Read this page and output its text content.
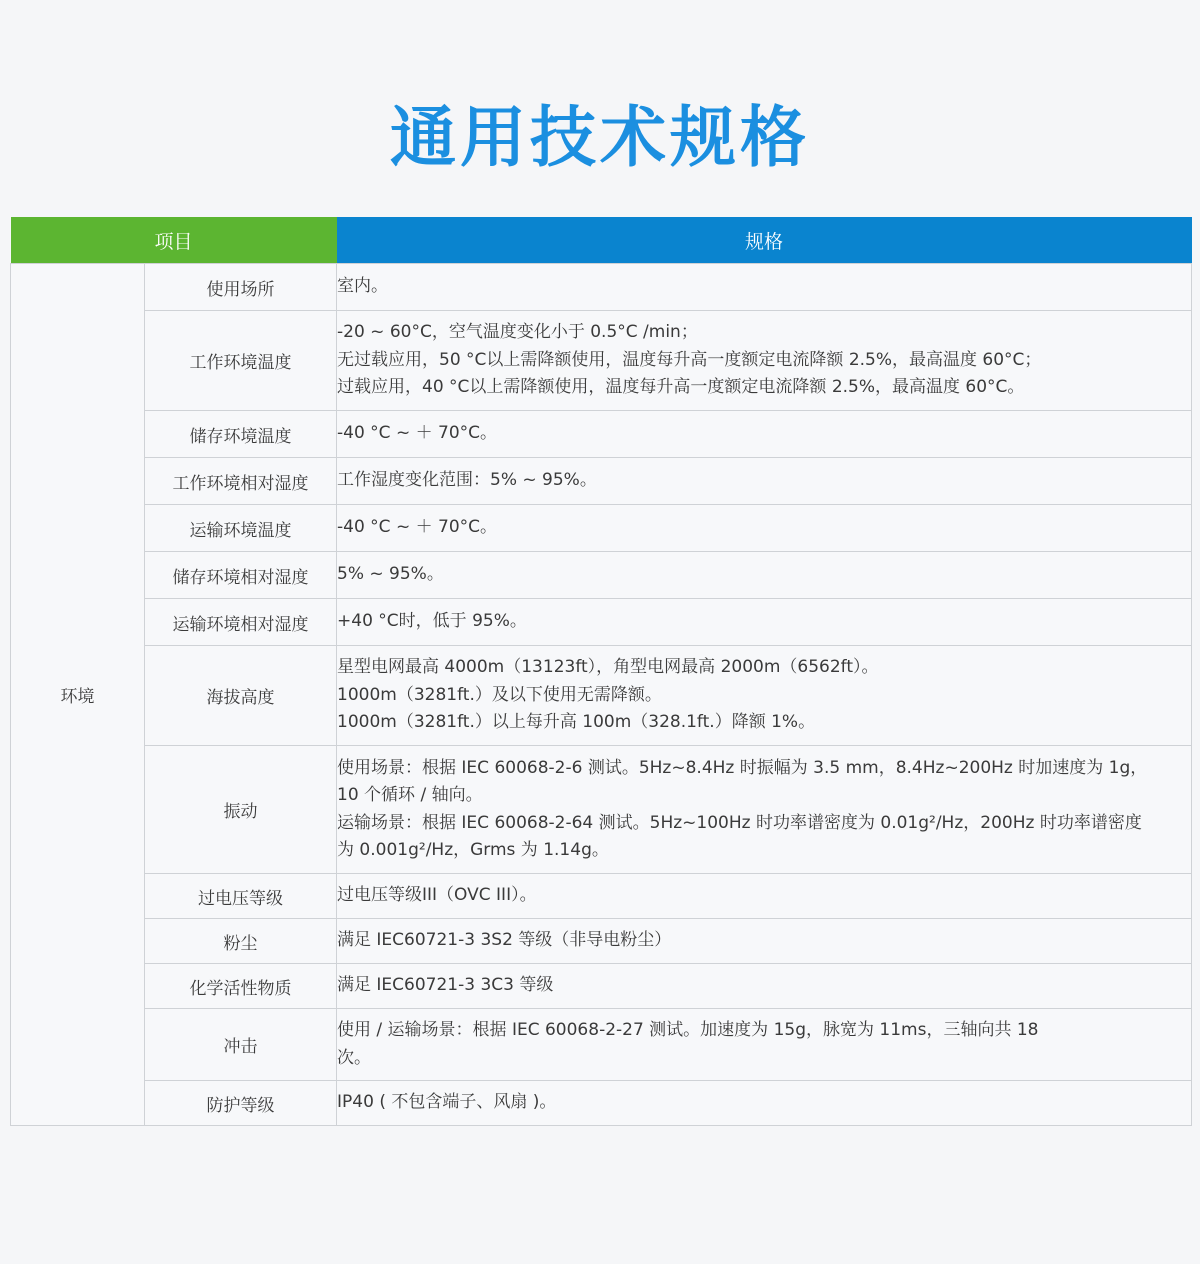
通用技术规格
项目		规格
环境	使用场所	室内。

	工作环境温度	-20 ~ 60°C，空气温度变化小于 0.5°C /min；
无过载应用，50 °C以上需降额使用，温度每升高一度额定电流降额 2.5%，最高温度 60°C；
过载应用，40 °C以上需降额使用，温度每升高一度额定电流降额 2.5%，最高温度 60°C。

	储存环境温度	-40 °C ~ ＋ 70°C。

	工作环境相对湿度	工作湿度变化范围：5% ~ 95%。

	运输环境温度	-40 °C ~ ＋ 70°C。

	储存环境相对湿度	5% ~ 95%。

	运输环境相对湿度	+40 °C时，低于 95%。

	海拔高度	星型电网最高 4000m（13123ft），角型电网最高 2000m（6562ft）。
1000m（3281ft.）及以下使用无需降额。
1000m（3281ft.）以上每升高 100m（328.1ft.）降额 1%。

	振动	使用场景：根据 IEC 60068-2-6 测试。5Hz~8.4Hz 时振幅为 3.5 mm，8.4Hz~200Hz 时加速度为 1g，
10 个循环 / 轴向。
运输场景：根据 IEC 60068-2-64 测试。5Hz~100Hz 时功率谱密度为 0.01g²/Hz，200Hz 时功率谱密度
为 0.001g²/Hz，Grms 为 1.14g。

	过电压等级	过电压等级III（OVC III）。

	粉尘	满足 IEC60721-3 3S2 等级（非导电粉尘）

	化学活性物质	满足 IEC60721-3 3C3 等级

	冲击	使用 / 运输场景：根据 IEC 60068-2-27 测试。加速度为 15g，脉宽为 11ms，三轴向共 18
次。

	防护等级	IP40 ( 不包含端子、风扇 )。
